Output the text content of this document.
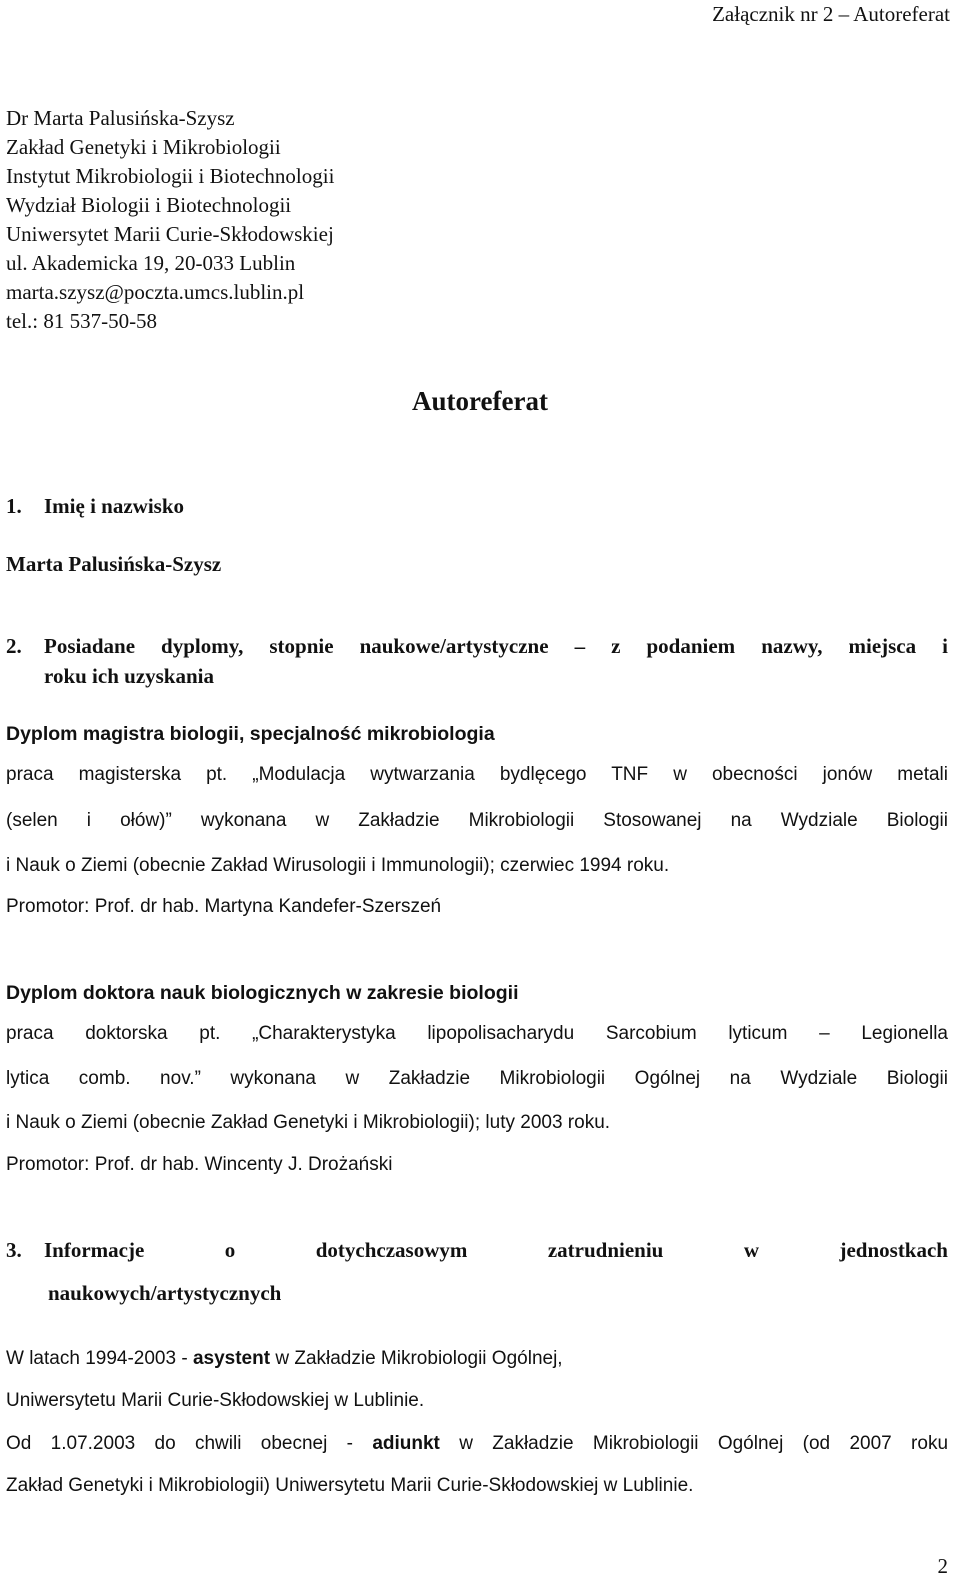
Załącznik nr 2 – Autoreferat
Dr Marta Palusińska-Szysz
Zakład Genetyki i Mikrobiologii
Instytut Mikrobiologii i Biotechnologii
Wydział Biologii i Biotechnologii
Uniwersytet Marii Curie-Skłodowskiej
ul. Akademicka 19, 20-033 Lublin
marta.szysz@poczta.umcs.lublin.pl
tel.: 81 537-50-58
Autoreferat
1. Imię i nazwisko
Marta Palusińska-Szysz
2. Posiadane dyplomy, stopnie naukowe/artystyczne – z podaniem nazwy, miejsca i
roku ich uzyskania
Dyplom magistra biologii, specjalność mikrobiologia
praca magisterska pt. „Modulacja wytwarzania bydlęcego TNF w obecności jonów metali
(selen i ołów)” wykonana w Zakładzie Mikrobiologii Stosowanej na Wydziale Biologii
i Nauk o Ziemi (obecnie Zakład Wirusologii i Immunologii); czerwiec 1994 roku.
Promotor: Prof. dr hab. Martyna Kandefer-Szerszeń
Dyplom doktora nauk biologicznych w zakresie biologii
praca doktorska pt. „Charakterystyka lipopolisacharydu Sarcobium lyticum – Legionella
lytica comb. nov.” wykonana w Zakładzie Mikrobiologii Ogólnej na Wydziale Biologii
i Nauk o Ziemi (obecnie Zakład Genetyki i Mikrobiologii); luty 2003 roku.
Promotor: Prof. dr hab. Wincenty J. Drożański
3. Informacje o dotychczasowym zatrudnieniu w jednostkach
naukowych/artystycznych
W latach 1994-2003 - asystent w Zakładzie Mikrobiologii Ogólnej,
Uniwersytetu Marii Curie-Skłodowskiej w Lublinie.
Od 1.07.2003 do chwili obecnej - adiunkt w Zakładzie Mikrobiologii Ogólnej (od 2007 roku
Zakład Genetyki i Mikrobiologii) Uniwersytetu Marii Curie-Skłodowskiej w Lublinie.
2
